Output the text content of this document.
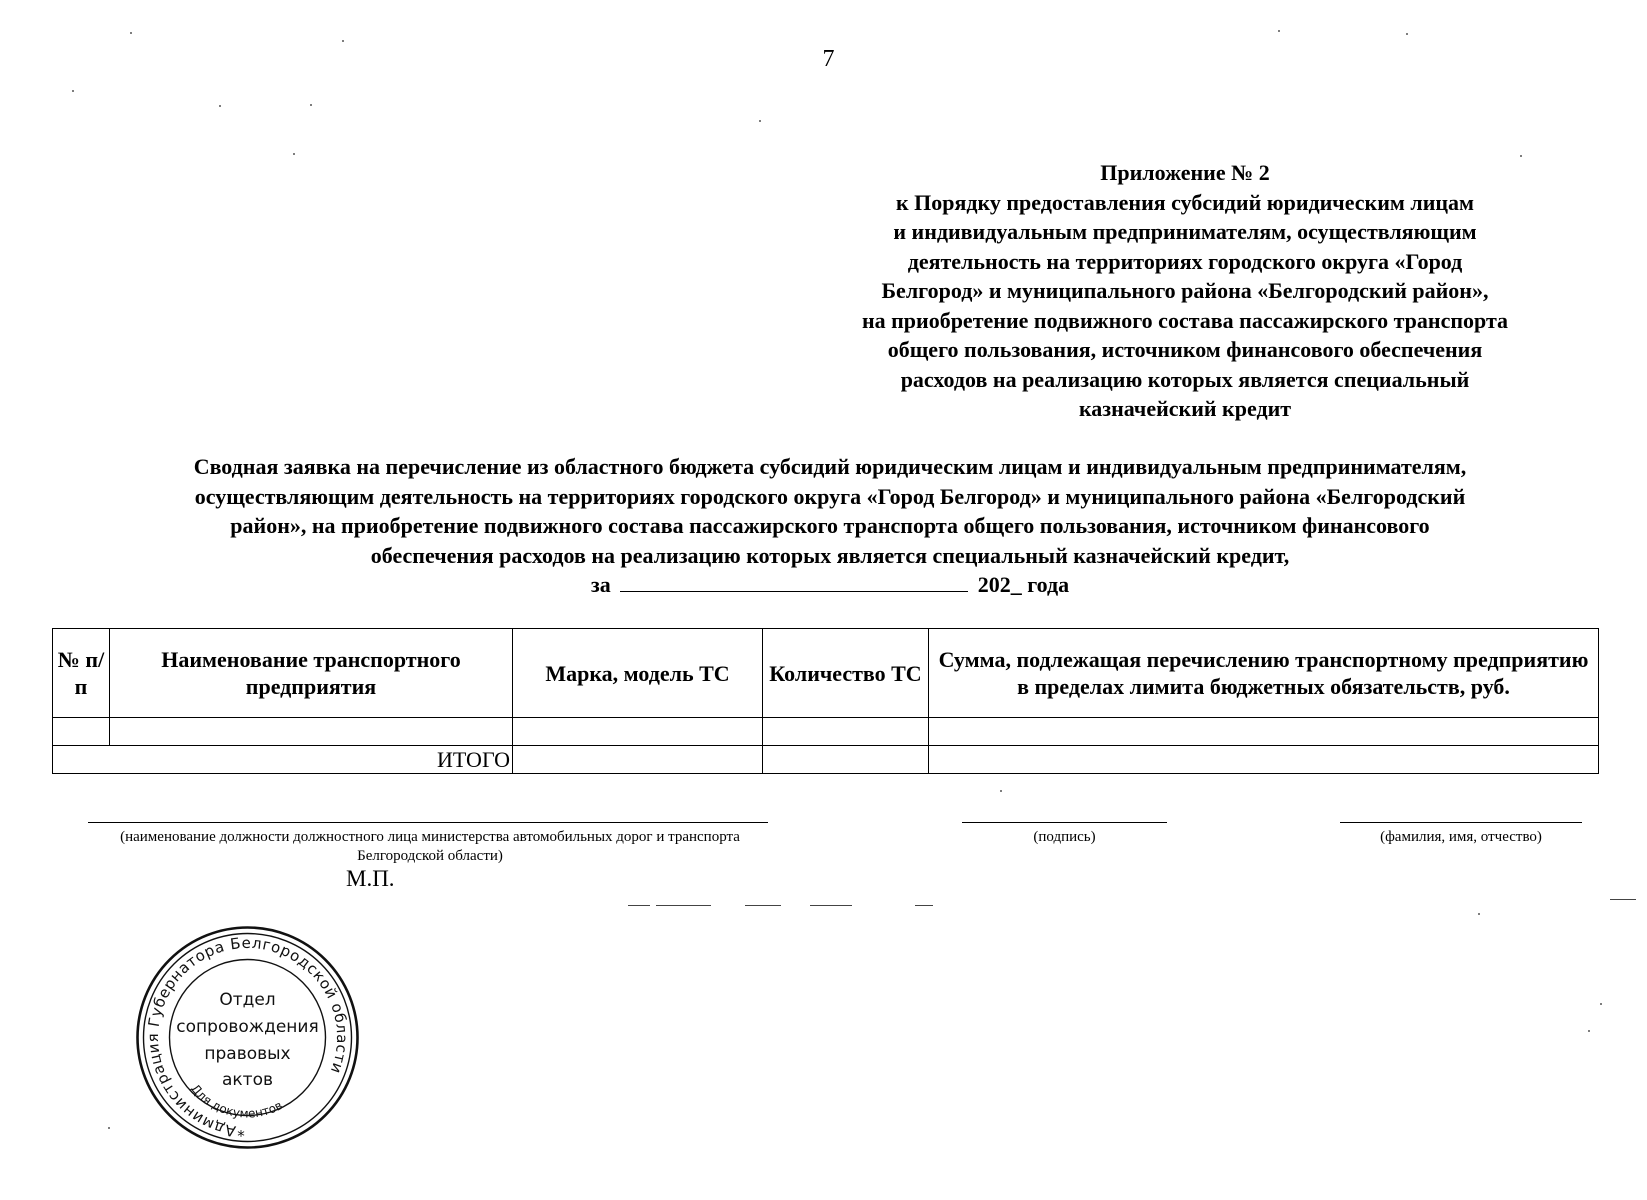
7
Приложение № 2
к Порядку предоставления субсидий юридическим лицам
и индивидуальным предпринимателям, осуществляющим
деятельность на территориях городского округа «Город
Белгород» и муниципального района «Белгородский район»,
на приобретение подвижного состава пассажирского транспорта
общего пользования, источником финансового обеспечения
расходов на реализацию которых является специальный
казначейский кредит
Сводная заявка на перечисление из областного бюджета субсидий юридическим лицам и индивидуальным предпринимателям,
осуществляющим деятельность на территориях городского округа «Город Белгород» и муниципального района «Белгородский
район», на приобретение подвижного состава пассажирского транспорта общего пользования, источником финансового
обеспечения расходов на реализацию которых является специальный казначейский кредит,
за	202_ года
№ п/п	Наименование транспортного предприятия	Марка, модель ТС	Количество ТС	Сумма, подлежащая перечислению транспортному предприятию в пределах лимита бюджетных обязательств, руб.

ИТОГО				
(наименование должности должностного лица министерства автомобильных дорог и транспорта
Белгородской области)
(подпись)	(фамилия, имя, отчество)
М.П.
Администрация Губернатора Белгородской области
Отдел
сопровождения
правовых
актов
Для документов
*
